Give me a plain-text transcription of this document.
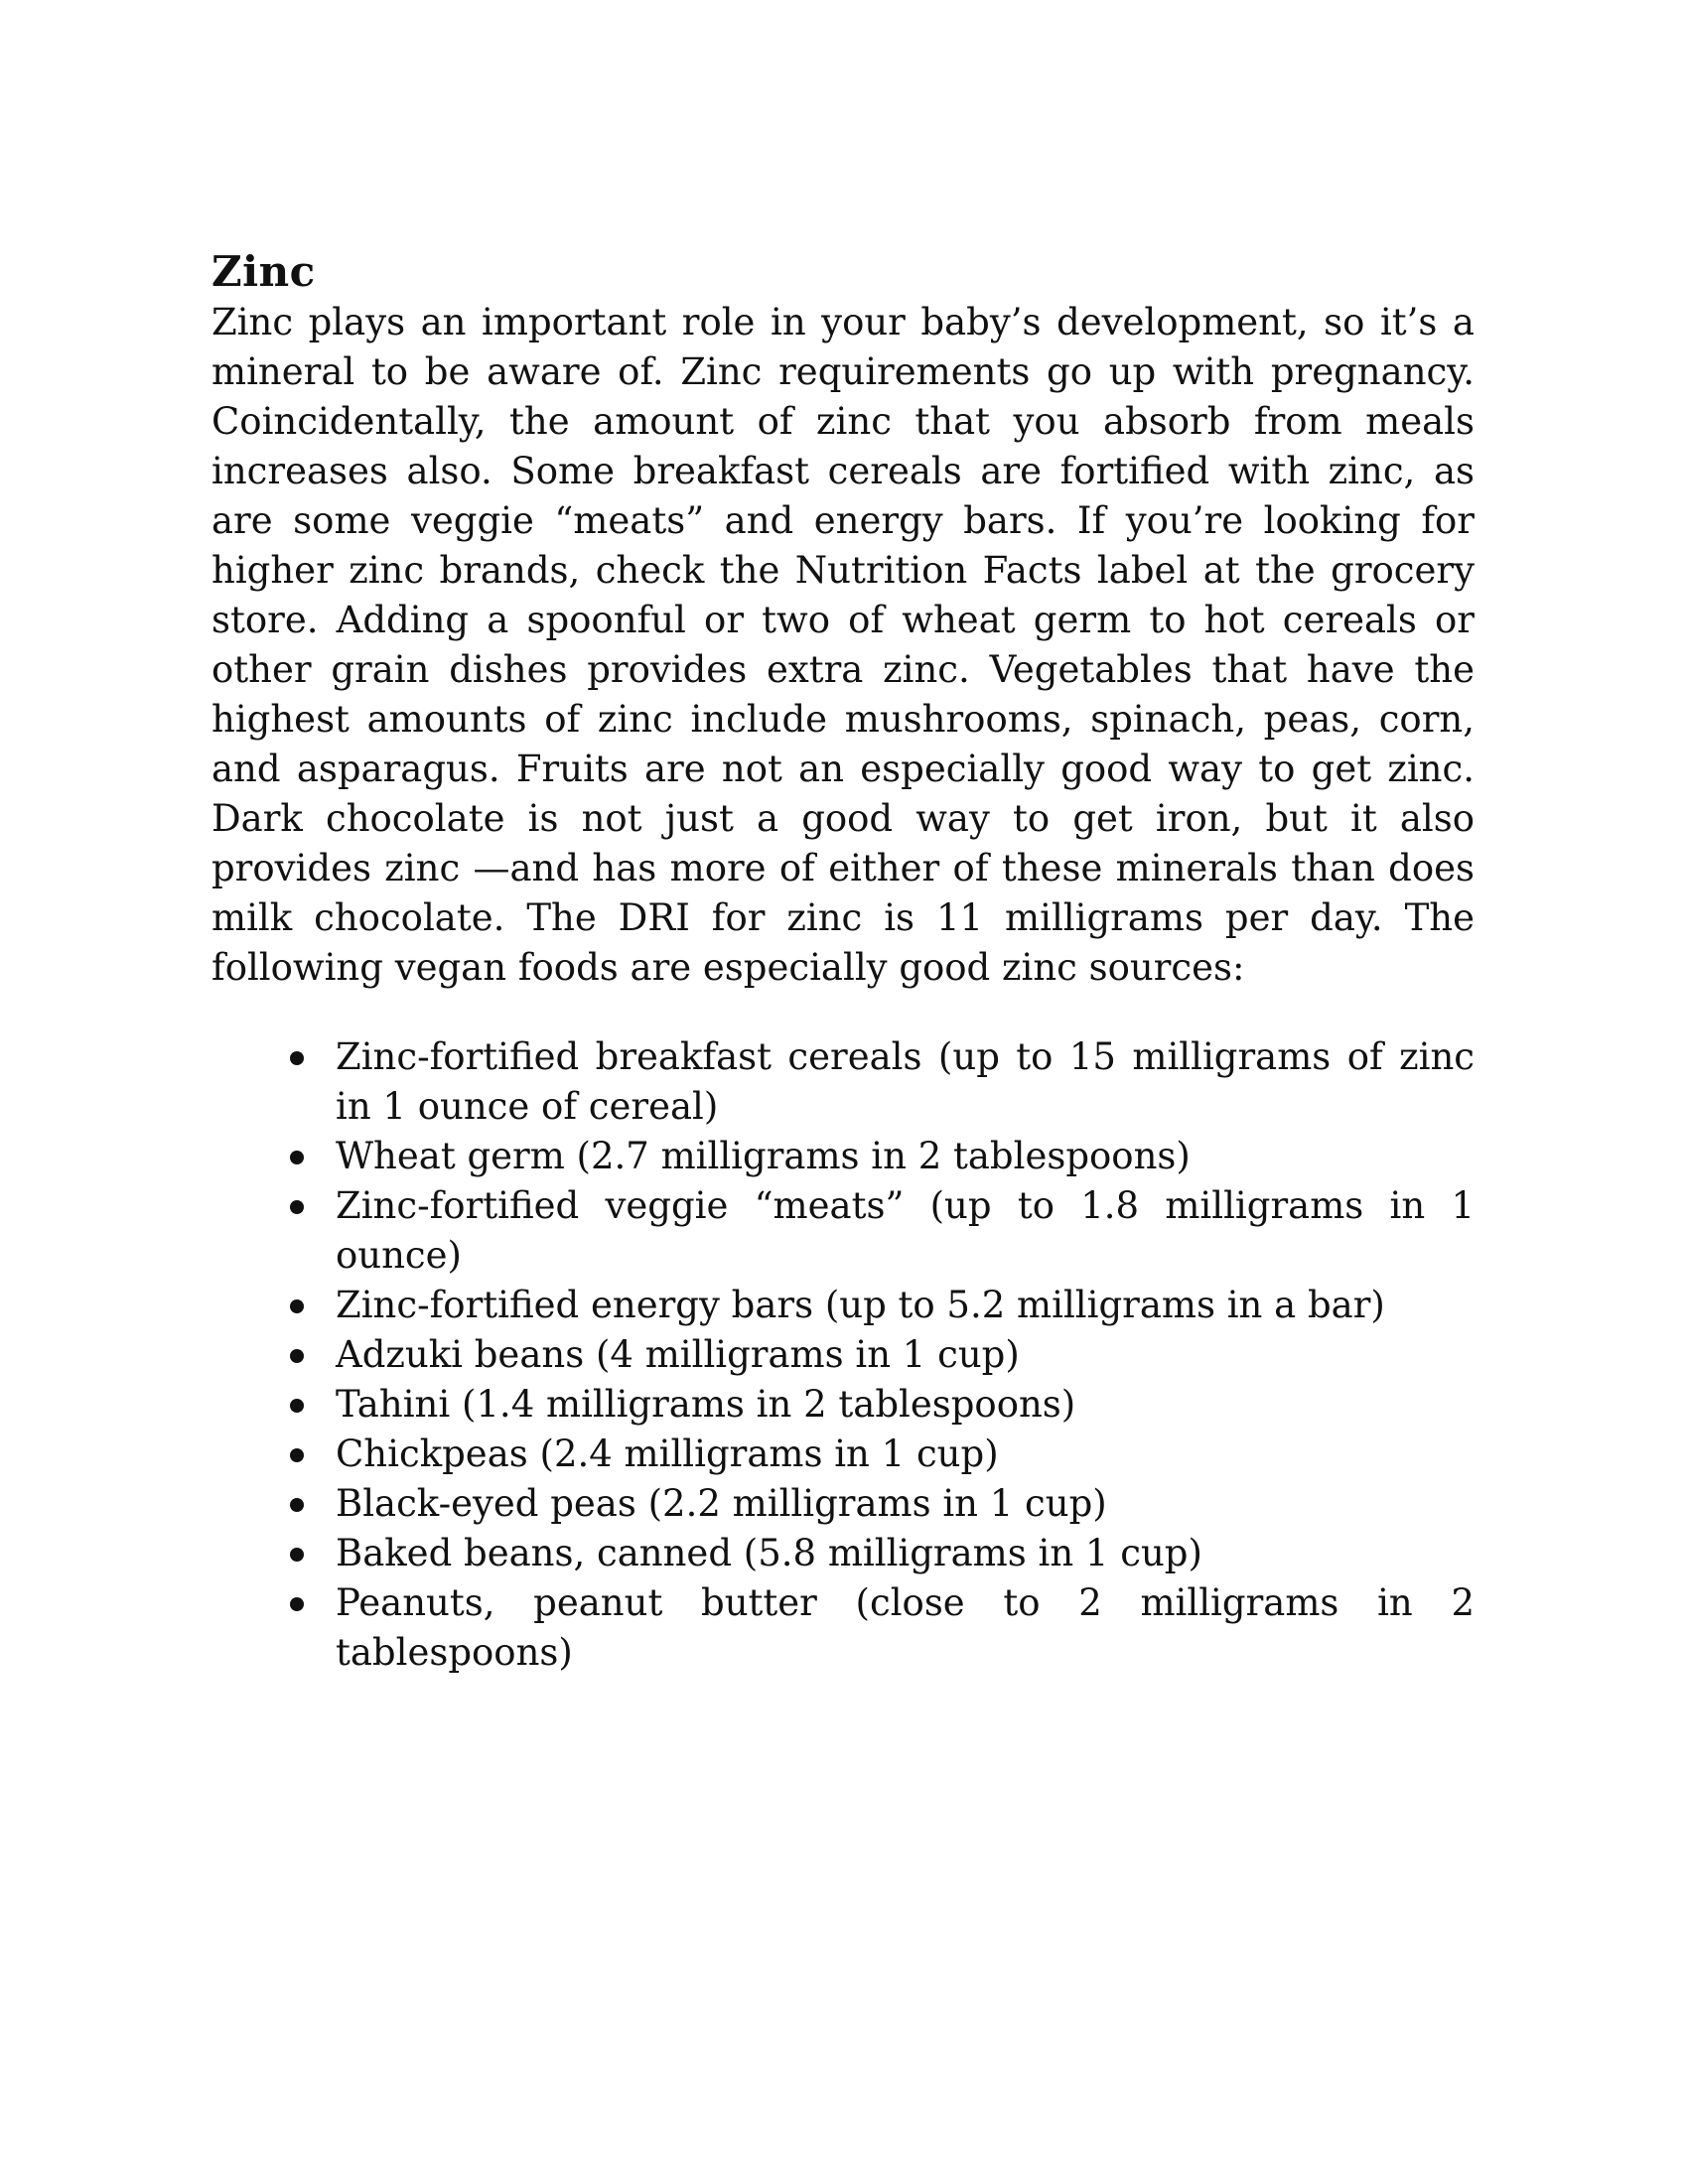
Zinc

Zinc plays an important role in your baby’s development, so it’s a mineral to be aware of. Zinc requirements go up with pregnancy. Coincidentally, the amount of zinc that you absorb from meals increases also. Some breakfast cereals are fortified with zinc, as are some veggie “meats” and energy bars. If you’re looking for higher zinc brands, check the Nutrition Facts label at the grocery store. Adding a spoonful or two of wheat germ to hot cereals or other grain dishes provides extra zinc. Vegetables that have the highest amounts of zinc include mushrooms, spinach, peas, corn, and asparagus. Fruits are not an especially good way to get zinc. Dark chocolate is not just a good way to get iron, but it also provides zinc —and has more of either of these minerals than does milk chocolate. The DRI for zinc is 11 milligrams per day. The following vegan foods are especially good zinc sources:

Zinc-fortified breakfast cereals (up to 15 milligrams of zinc in 1 ounce of cereal)
Wheat germ (2.7 milligrams in 2 tablespoons)
Zinc-fortified veggie “meats” (up to 1.8 milligrams in 1 ounce)
Zinc-fortified energy bars (up to 5.2 milligrams in a bar)
Adzuki beans (4 milligrams in 1 cup)
Tahini (1.4 milligrams in 2 tablespoons)
Chickpeas (2.4 milligrams in 1 cup)
Black-eyed peas (2.2 milligrams in 1 cup)
Baked beans, canned (5.8 milligrams in 1 cup)
Peanuts, peanut butter (close to 2 milligrams in 2 tablespoons)
